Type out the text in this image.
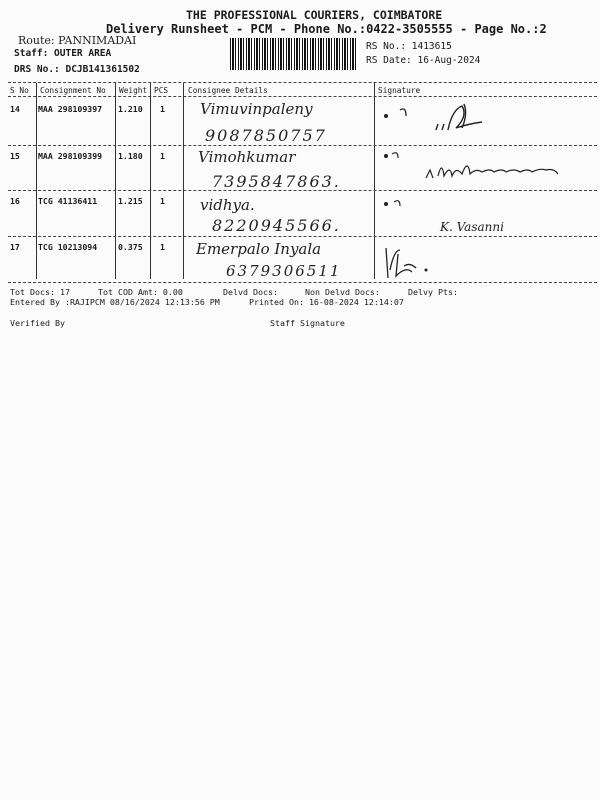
THE PROFESSIONAL COURIERS, COIMBATORE
Delivery Runsheet - PCM - Phone No.:0422-3505555 - Page No.:2
Route: PANNIMADAI
Staff: OUTER AREA
DRS No.: DCJB141361502
RS No.: 1413615
RS Date: 16-Aug-2024
S No Consignment No Weight PCS	Consignee Details	Signature
14 MAA 298109397 1.210 1 Vimuvinpaleny
9087850757
15 MAA 298109399 1.180 1 Vimohkumar
7395847863.
16 TCG 41136411	1.215 1 vidhya.
8220945566.	K. Vasanni
17 TCG 10213094	0.375 1 Emerpalo Inyala
6379306511
Tot Docs: 17	Tot COD Amt: 0.00	Delvd Docs:	Non Delvd Docs:	Delvy Pts:
Entered By :RAJIPCM 08/16/2024 12:13:56 PM	Printed On: 16-08-2024 12:14:07
Verified By	Staff Signature
